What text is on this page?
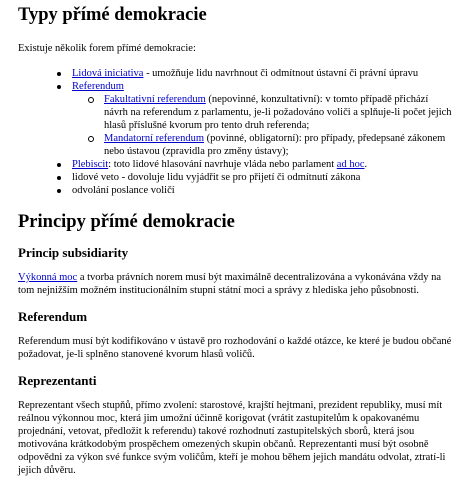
Typy přímé demokracie

Existuje několik forem přímé demokracie:

Lidová iniciativa - umožňuje lidu navrhnout či odmítnout ústavní či právní úpravu
Referendum
Fakultativní referendum (nepovinné, konzultativní): v tomto případě přichází návrh na referendum z parlamentu, je-li požadováno voliči a splňuje-li počet jejich hlasů příslušné kvorum pro tento druh referenda;
Mandatorní referendum (povinné, obligatorní): pro případy, předepsané zákonem nebo ústavou (zpravidla pro změny ústavy);
Plebiscit: toto lidové hlasování navrhuje vláda nebo parlament ad hoc.
lidové veto - dovoluje lidu vyjádřit se pro přijetí či odmítnutí zákona
odvolání poslance voličí
Principy přímé demokracie
Princip subsidiarity

Výkonná moc a tvorba právních norem musí být maximálně decentralizována a vykonávána vždy na tom nejnižším možném institucionálním stupni státní moci a správy z hlediska jeho působnosti.

Referendum

Referendum musí být kodifikováno v ústavě pro rozhodování o každé otázce, ke které je budou občané požadovat, je-li splněno stanovené kvorum hlasů voličů.

Reprezentanti

Reprezentant všech stupňů, přímo zvolení: starostové, krajští hejtmani, prezident republiky, musí mít reálnou výkonnou moc, která jim umožní účinně korigovat (vrátit zastupitelům k opakovanému projednání, vetovat, předložit k referendu) takové rozhodnutí zastupitelských sborů, která jsou motivována krátkodobým prospěchem omezených skupin občanů. Reprezentanti musí být osobně odpovědni za výkon své funkce svým voličům, kteří je mohou během jejich mandátu odvolat, ztratí-li jejich důvěru.
